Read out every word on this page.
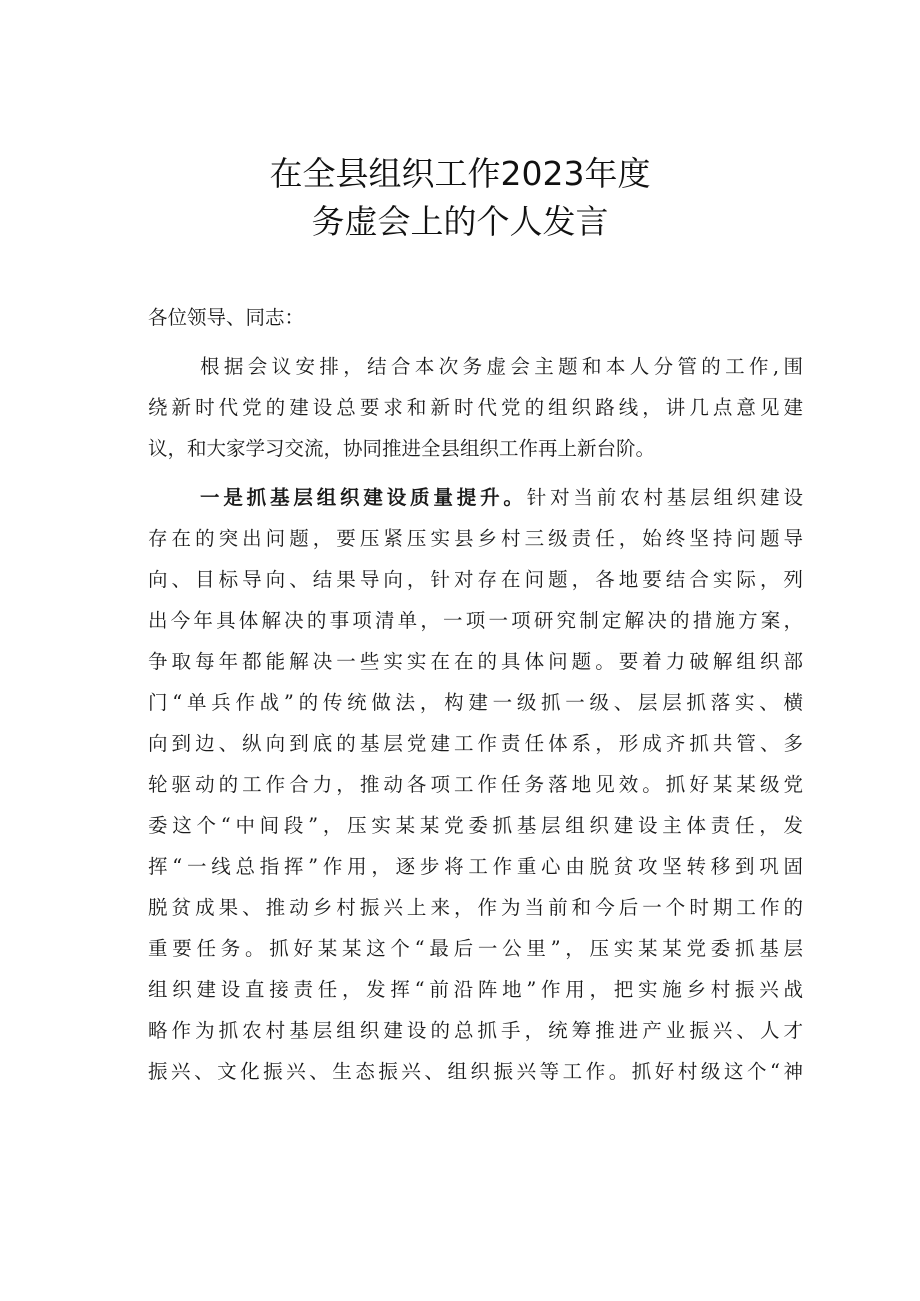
在全县组织工作2023年度
务虚会上的个人发言
各位领导、同志：
根据会议安排，结合本次务虚会主题和本人分管的工作,围
绕新时代党的建设总要求和新时代党的组织路线，讲几点意见建
议，和大家学习交流，协同推进全县组织工作再上新台阶。
一是抓基层组织建设质量提升。针对当前农村基层组织建设
存在的突出问题，要压紧压实县乡村三级责任，始终坚持问题导
向、目标导向、结果导向，针对存在问题，各地要结合实际，列
出今年具体解决的事项清单，一项一项研究制定解决的措施方案，
争取每年都能解决一些实实在在的具体问题。要着力破解组织部
门“单兵作战”的传统做法，构建一级抓一级、层层抓落实、横
向到边、纵向到底的基层党建工作责任体系，形成齐抓共管、多
轮驱动的工作合力，推动各项工作任务落地见效。抓好某某级党
委这个“中间段”，压实某某党委抓基层组织建设主体责任，发
挥“一线总指挥”作用，逐步将工作重心由脱贫攻坚转移到巩固
脱贫成果、推动乡村振兴上来，作为当前和今后一个时期工作的
重要任务。抓好某某这个“最后一公里”，压实某某党委抓基层
组织建设直接责任，发挥“前沿阵地”作用，把实施乡村振兴战
略作为抓农村基层组织建设的总抓手，统筹推进产业振兴、人才
振兴、文化振兴、生态振兴、组织振兴等工作。抓好村级这个“神
